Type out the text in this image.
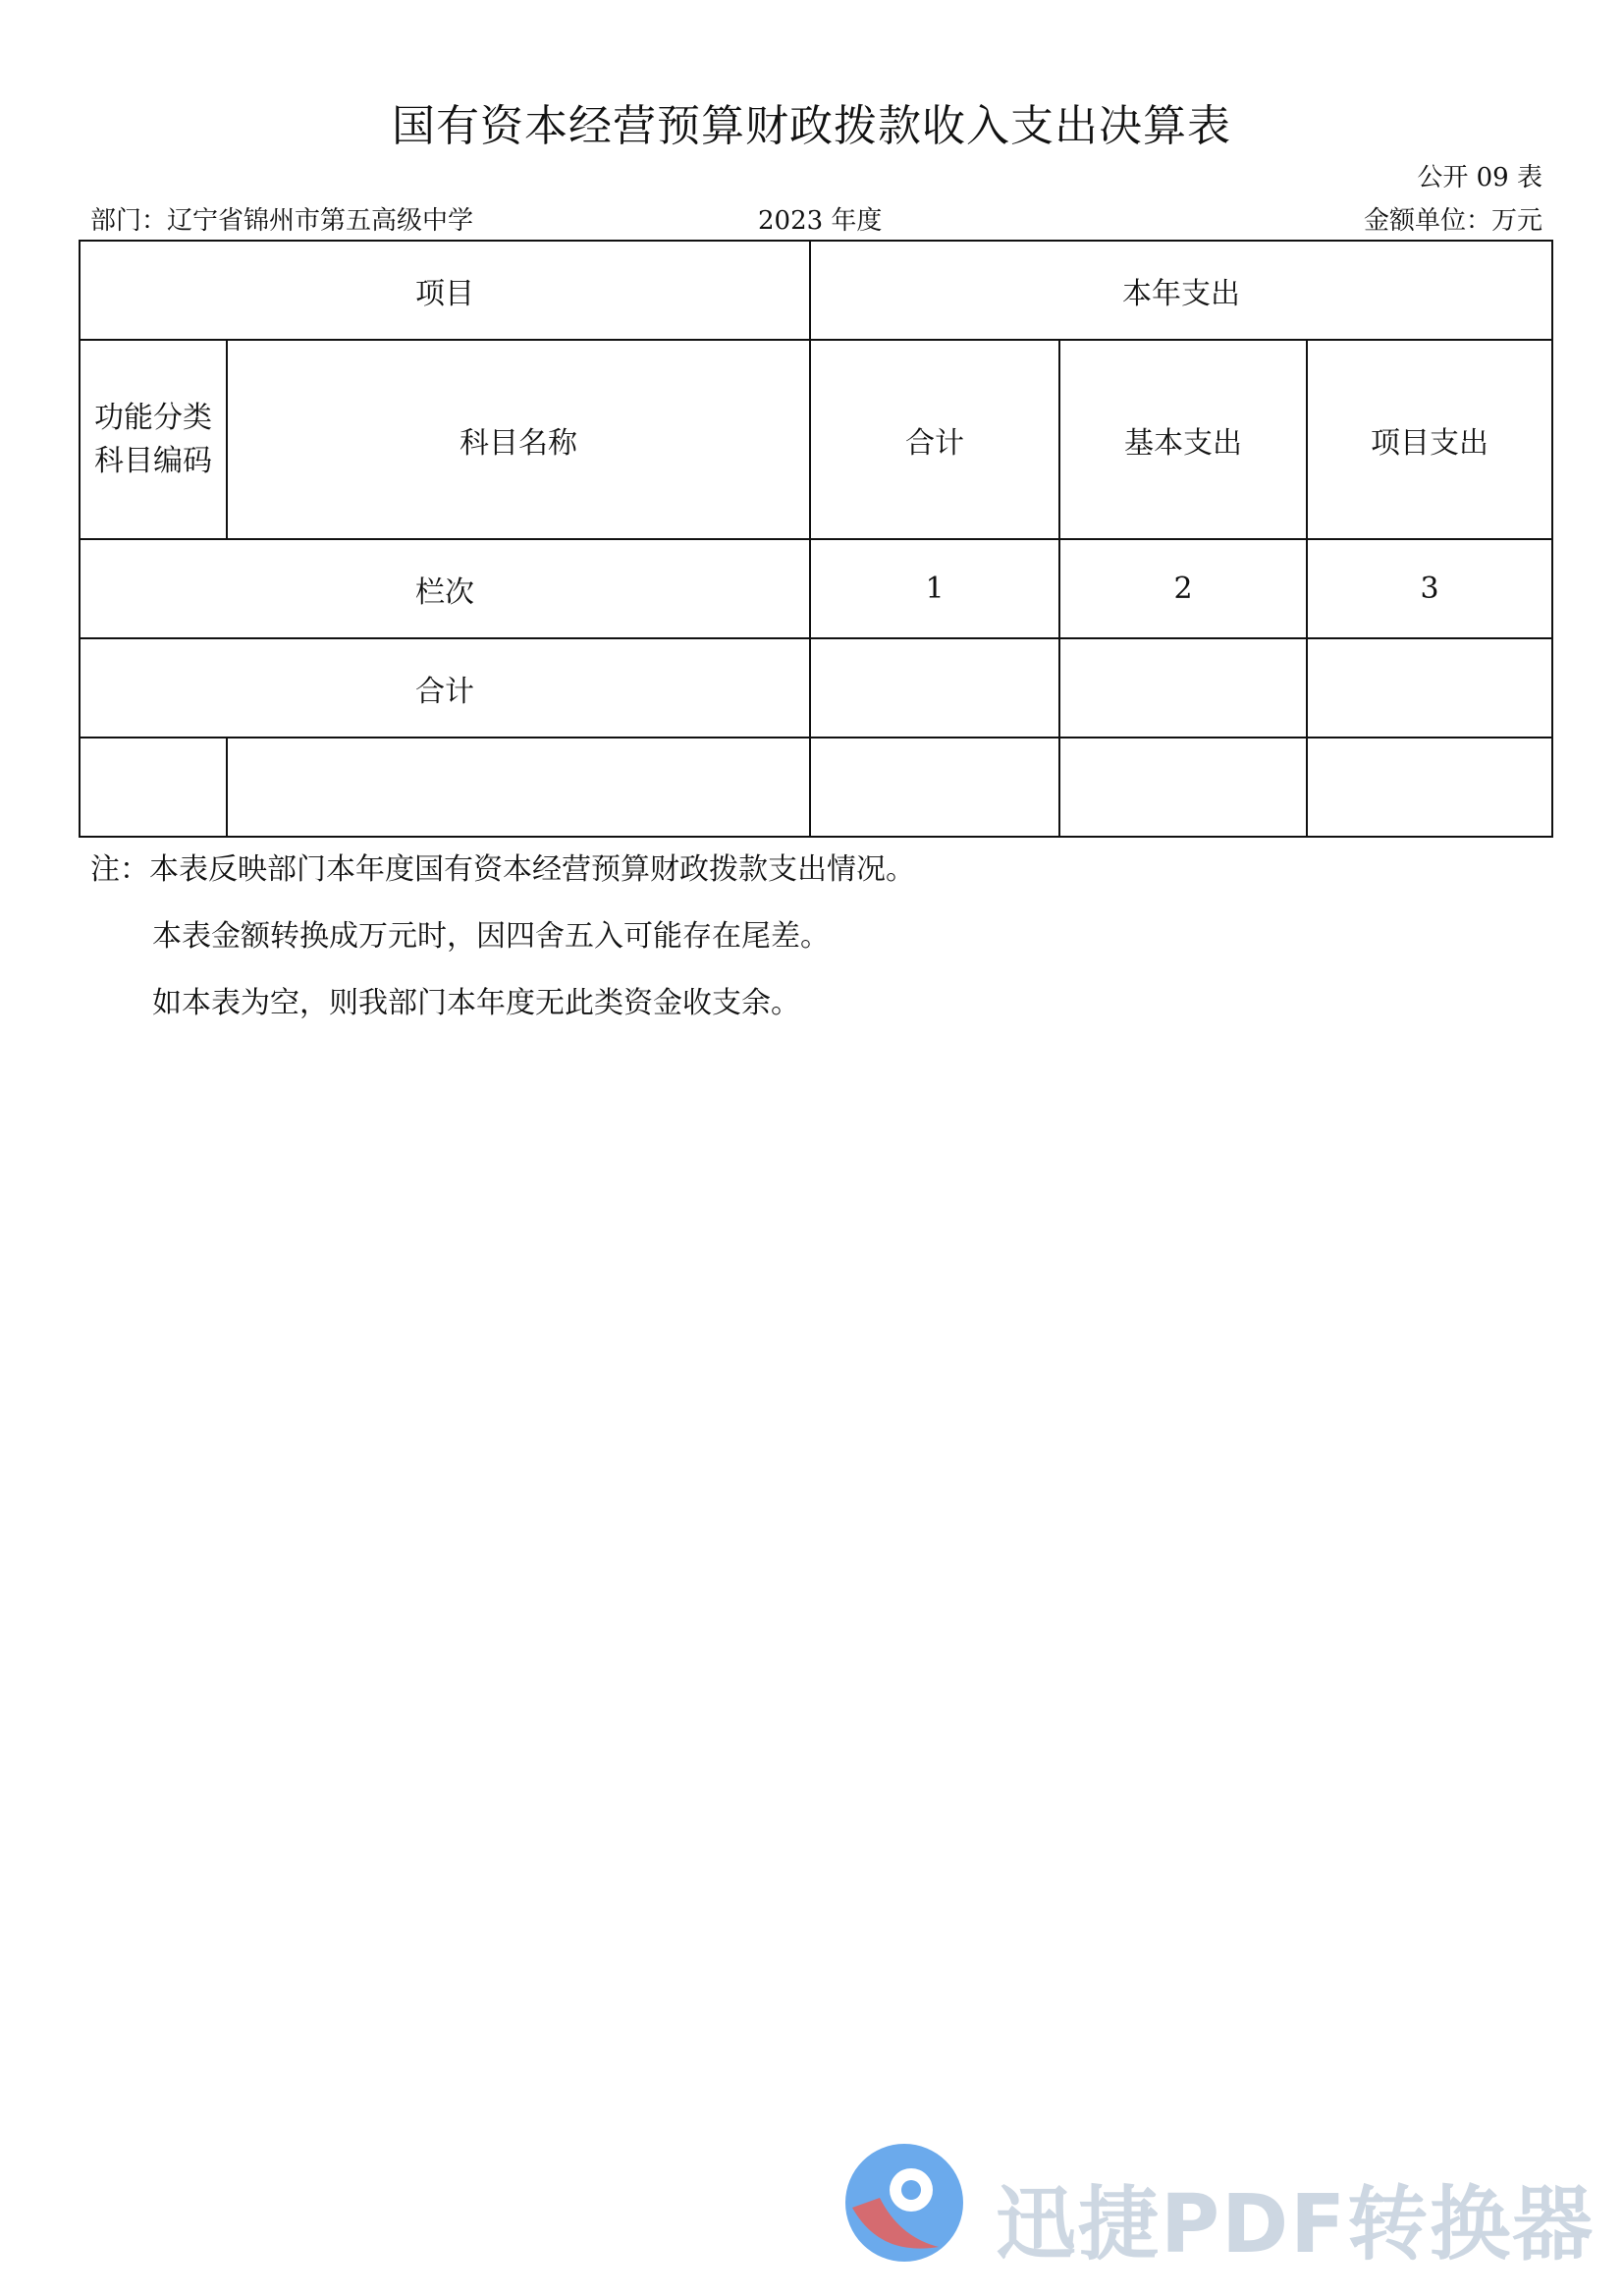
国有资本经营预算财政拨款收入支出决算表
公开 09 表
部门：辽宁省锦州市第五高级中学	2023 年度	金额单位：万元
项目		本年支出		
功能分类
科目编码	科目名称	合计	基本支出	项目支出
栏次		1	2	3
合计				

注：本表反映部门本年度国有资本经营预算财政拨款支出情况。
本表金额转换成万元时，因四舍五入可能存在尾差。
如本表为空，则我部门本年度无此类资金收支余。
迅捷PDF转换器
